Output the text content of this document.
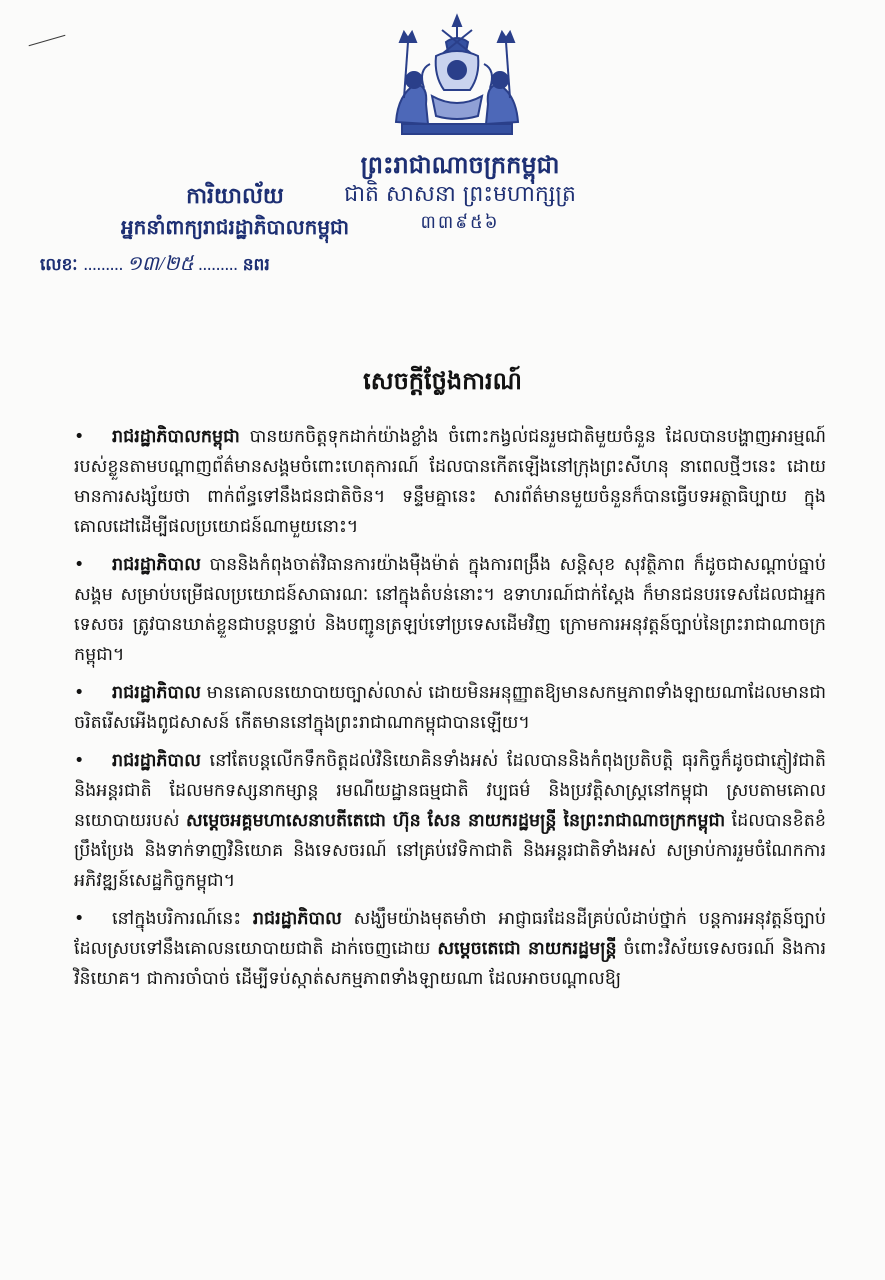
ព្រះរាជាណាចក្រកម្ពុជា
ជាតិ សាសនា ព្រះមហាក្សត្រ
៣៣៩៥៦
ការិយាល័យ
អ្នកនាំពាក្យរាជរដ្ឋាភិបាលកម្ពុជា
លេខៈ ......... ១៣/២៥ ......... នពរ
សេចក្តីថ្លែងការណ៍

• រាជរដ្ឋាភិបាលកម្ពុជា បានយកចិត្តទុកដាក់យ៉ាងខ្លាំង ចំពោះកង្វល់ជនរួមជាតិមួយចំនួន ដែលបានបង្ហាញអារម្មណ៍របស់ខ្លួនតាមបណ្តាញព័ត៌មានសង្គមចំពោះហេតុការណ៍ ដែលបានកើតឡើងនៅក្រុងព្រះសីហនុ នាពេលថ្មីៗនេះ ដោយមានការសង្ស័យថា ពាក់ព័ន្ធទៅនឹងជនជាតិចិន។ ទន្ទឹមគ្នានេះ សារព័ត៌មានមួយចំនួនក៏បានធ្វើបទអត្ថាធិប្បាយ ក្នុងគោលដៅដើម្បីផលប្រយោជន៍ណាមួយនោះ។

• រាជរដ្ឋាភិបាល បាននិងកំពុងចាត់វិធានការយ៉ាងម៉ឺងម៉ាត់ ក្នុងការពង្រឹង សន្តិសុខ សុវត្ថិភាព ក៏ដូចជាសណ្តាប់ធ្នាប់សង្គម សម្រាប់បម្រើផលប្រយោជន៍សាធារណៈ នៅក្នុងតំបន់នោះ។ ឧទាហរណ៍ជាក់ស្តែង ក៏មានជនបរទេសដែលជាអ្នកទេសចរ ត្រូវបានឃាត់ខ្លួនជាបន្តបន្ទាប់ និងបញ្ជូនត្រឡប់ទៅប្រទេសដើមវិញ ក្រោមការអនុវត្តន៍ច្បាប់នៃព្រះរាជាណាចក្រកម្ពុជា។

• រាជរដ្ឋាភិបាល មានគោលនយោបាយច្បាស់លាស់ ដោយមិនអនុញ្ញាតឱ្យមានសកម្មភាពទាំងឡាយណាដែលមានជាចរិតរើសអើងពូជសាសន៍ កើតមាននៅក្នុងព្រះរាជាណាកម្ពុជាបានឡើយ។

• រាជរដ្ឋាភិបាល នៅតែបន្តលើកទឹកចិត្តដល់វិនិយោគិនទាំងអស់ ដែលបាននិងកំពុងប្រតិបត្តិ ធុរកិច្ចក៏ដូចជាភ្ញៀវជាតិ និងអន្តរជាតិ ដែលមកទស្សនាកម្សាន្ត រមណីយដ្ឋានធម្មជាតិ វប្បធម៌ និងប្រវត្តិសាស្ត្រនៅកម្ពុជា ស្របតាមគោលនយោបាយរបស់ សម្តេចអគ្គមហាសេនាបតីតេជោ ហ៊ុន សែន នាយករដ្ឋមន្ត្រី នៃព្រះរាជាណាចក្រកម្ពុជា ដែលបានខិតខំប្រឹងប្រែង និងទាក់ទាញវិនិយោគ និងទេសចរណ៍ នៅគ្រប់វេទិកាជាតិ និងអន្តរជាតិទាំងអស់ សម្រាប់ការរួមចំណែកការអភិវឌ្ឍន៍សេដ្ឋកិច្ចកម្ពុជា។

• នៅក្នុងបរិការណ៍នេះ រាជរដ្ឋាភិបាល សង្ឃឹមយ៉ាងមុតមាំថា អាជ្ញាធរដែនដីគ្រប់លំដាប់ថ្នាក់ បន្តការអនុវត្តន៍ច្បាប់ ដែលស្របទៅនឹងគោលនយោបាយជាតិ ដាក់ចេញដោយ សម្តេចតេជោ នាយករដ្ឋមន្ត្រី ចំពោះវិស័យទេសចរណ៍ និងការវិនិយោគ។ ជាការចាំបាច់ ដើម្បីទប់ស្កាត់សកម្មភាពទាំងឡាយណា ដែលអាចបណ្តាលឱ្យ
